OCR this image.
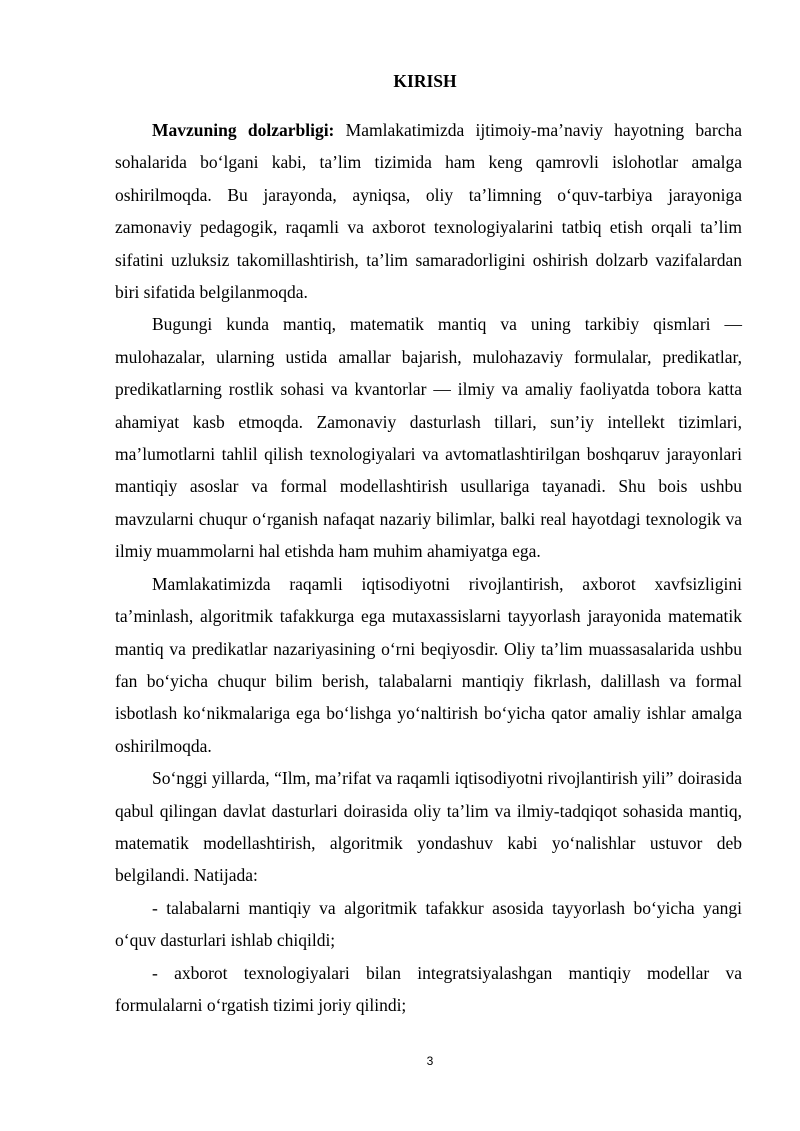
KIRISH

Mavzuning dolzarbligi: Mamlakatimizda ijtimoiy-ma’naviy hayotning barcha sohalarida bo‘lgani kabi, ta’lim tizimida ham keng qamrovli islohotlar amalga oshirilmoqda. Bu jarayonda, ayniqsa, oliy ta’limning o‘quv-tarbiya jarayoniga zamonaviy pedagogik, raqamli va axborot texnologiyalarini tatbiq etish orqali ta’lim sifatini uzluksiz takomillashtirish, ta’lim samaradorligini oshirish dolzarb vazifalardan biri sifatida belgilanmoqda.

Bugungi kunda mantiq, matematik mantiq va uning tarkibiy qismlari — mulohazalar, ularning ustida amallar bajarish, mulohazaviy formulalar, predikatlar, predikatlarning rostlik sohasi va kvantorlar — ilmiy va amaliy faoliyatda tobora katta ahamiyat kasb etmoqda. Zamonaviy dasturlash tillari, sun’iy intellekt tizimlari, ma’lumotlarni tahlil qilish texnologiyalari va avtomatlashtirilgan boshqaruv jarayonlari mantiqiy asoslar va formal modellashtirish usullariga tayanadi. Shu bois ushbu mavzularni chuqur o‘rganish nafaqat nazariy bilimlar, balki real hayotdagi texnologik va ilmiy muammolarni hal etishda ham muhim ahamiyatga ega.

Mamlakatimizda raqamli iqtisodiyotni rivojlantirish, axborot xavfsizligini ta’minlash, algoritmik tafakkurga ega mutaxassislarni tayyorlash jarayonida matematik mantiq va predikatlar nazariyasining o‘rni beqiyosdir. Oliy ta’lim muassasalarida ushbu fan bo‘yicha chuqur bilim berish, talabalarni mantiqiy fikrlash, dalillash va formal isbotlash ko‘nikmalariga ega bo‘lishga yo‘naltirish bo‘yicha qator amaliy ishlar amalga oshirilmoqda.

So‘nggi yillarda, “Ilm, ma’rifat va raqamli iqtisodiyotni rivojlantirish yili” doirasida qabul qilingan davlat dasturlari doirasida oliy ta’lim va ilmiy-tadqiqot sohasida mantiq, matematik modellashtirish, algoritmik yondashuv kabi yo‘nalishlar ustuvor deb belgilandi. Natijada:

- talabalarni mantiqiy va algoritmik tafakkur asosida tayyorlash bo‘yicha yangi o‘quv dasturlari ishlab chiqildi;

- axborot texnologiyalari bilan integratsiyalashgan mantiqiy modellar va formulalarni o‘rgatish tizimi joriy qilindi;

3
